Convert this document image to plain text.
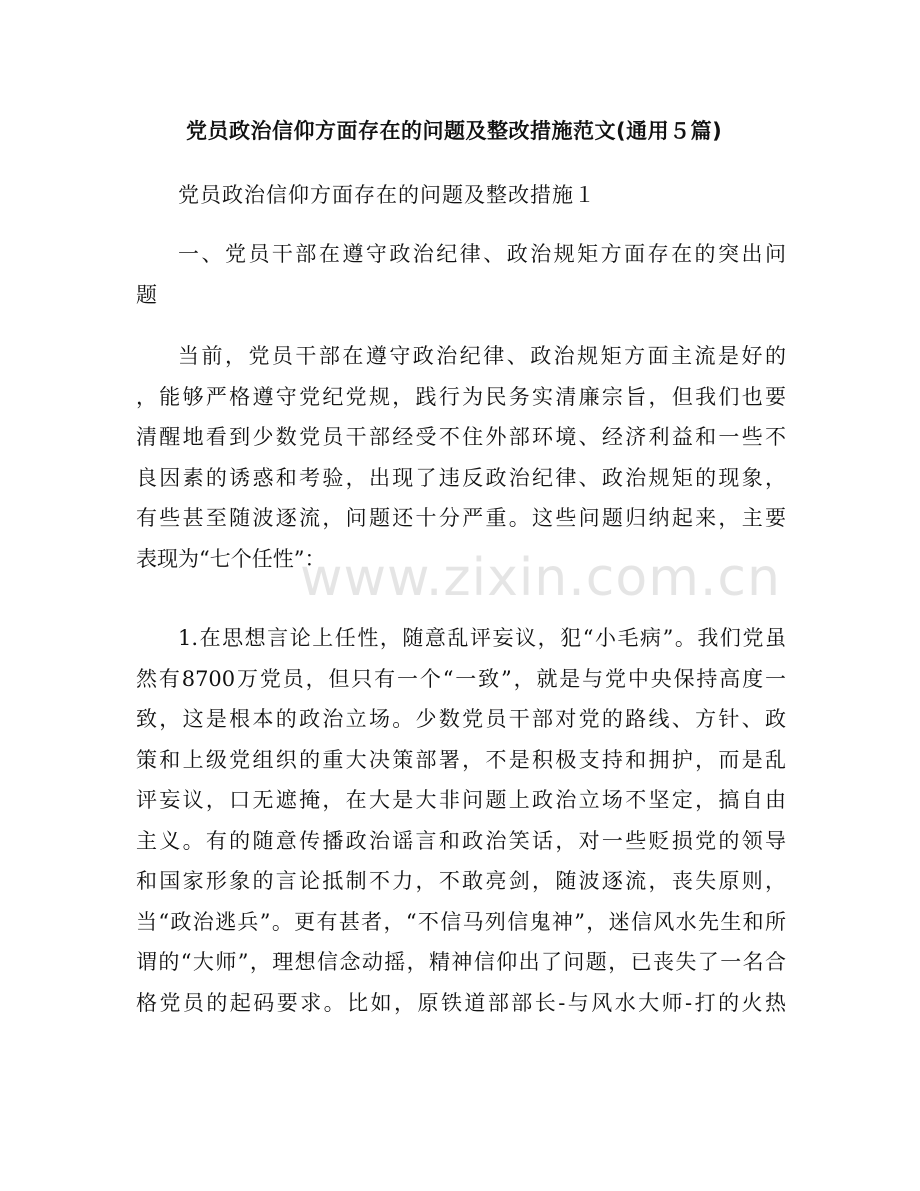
党员政治信仰方面存在的问题及整改措施范文(通用５篇)
党员政治信仰方面存在的问题及整改措施１
一、党员干部在遵守政治纪律、政治规矩方面存在的突出问
题
当前，党员干部在遵守政治纪律、政治规矩方面主流是好的
，能够严格遵守党纪党规，践行为民务实清廉宗旨，但我们也要
清醒地看到少数党员干部经受不住外部环境、经济利益和一些不
良因素的诱惑和考验，出现了违反政治纪律、政治规矩的现象，
有些甚至随波逐流，问题还十分严重。这些问题归纳起来，主要
表现为“七个任性”：
1.在思想言论上任性，随意乱评妄议，犯“小毛病”。我们党虽
然有8700万党员，但只有一个“一致”，就是与党中央保持高度一
致，这是根本的政治立场。少数党员干部对党的路线、方针、政
策和上级党组织的重大决策部署，不是积极支持和拥护，而是乱
评妄议，口无遮掩，在大是大非问题上政治立场不坚定，搞自由
主义。有的随意传播政治谣言和政治笑话，对一些贬损党的领导
和国家形象的言论抵制不力，不敢亮剑，随波逐流，丧失原则，
当“政治逃兵”。更有甚者，“不信马列信鬼神”，迷信风水先生和所
谓的“大师”，理想信念动摇，精神信仰出了问题，已丧失了一名合
格党员的起码要求。比如，原铁道部部长-与风水大师-打的火热
www.zixin.com.cn
